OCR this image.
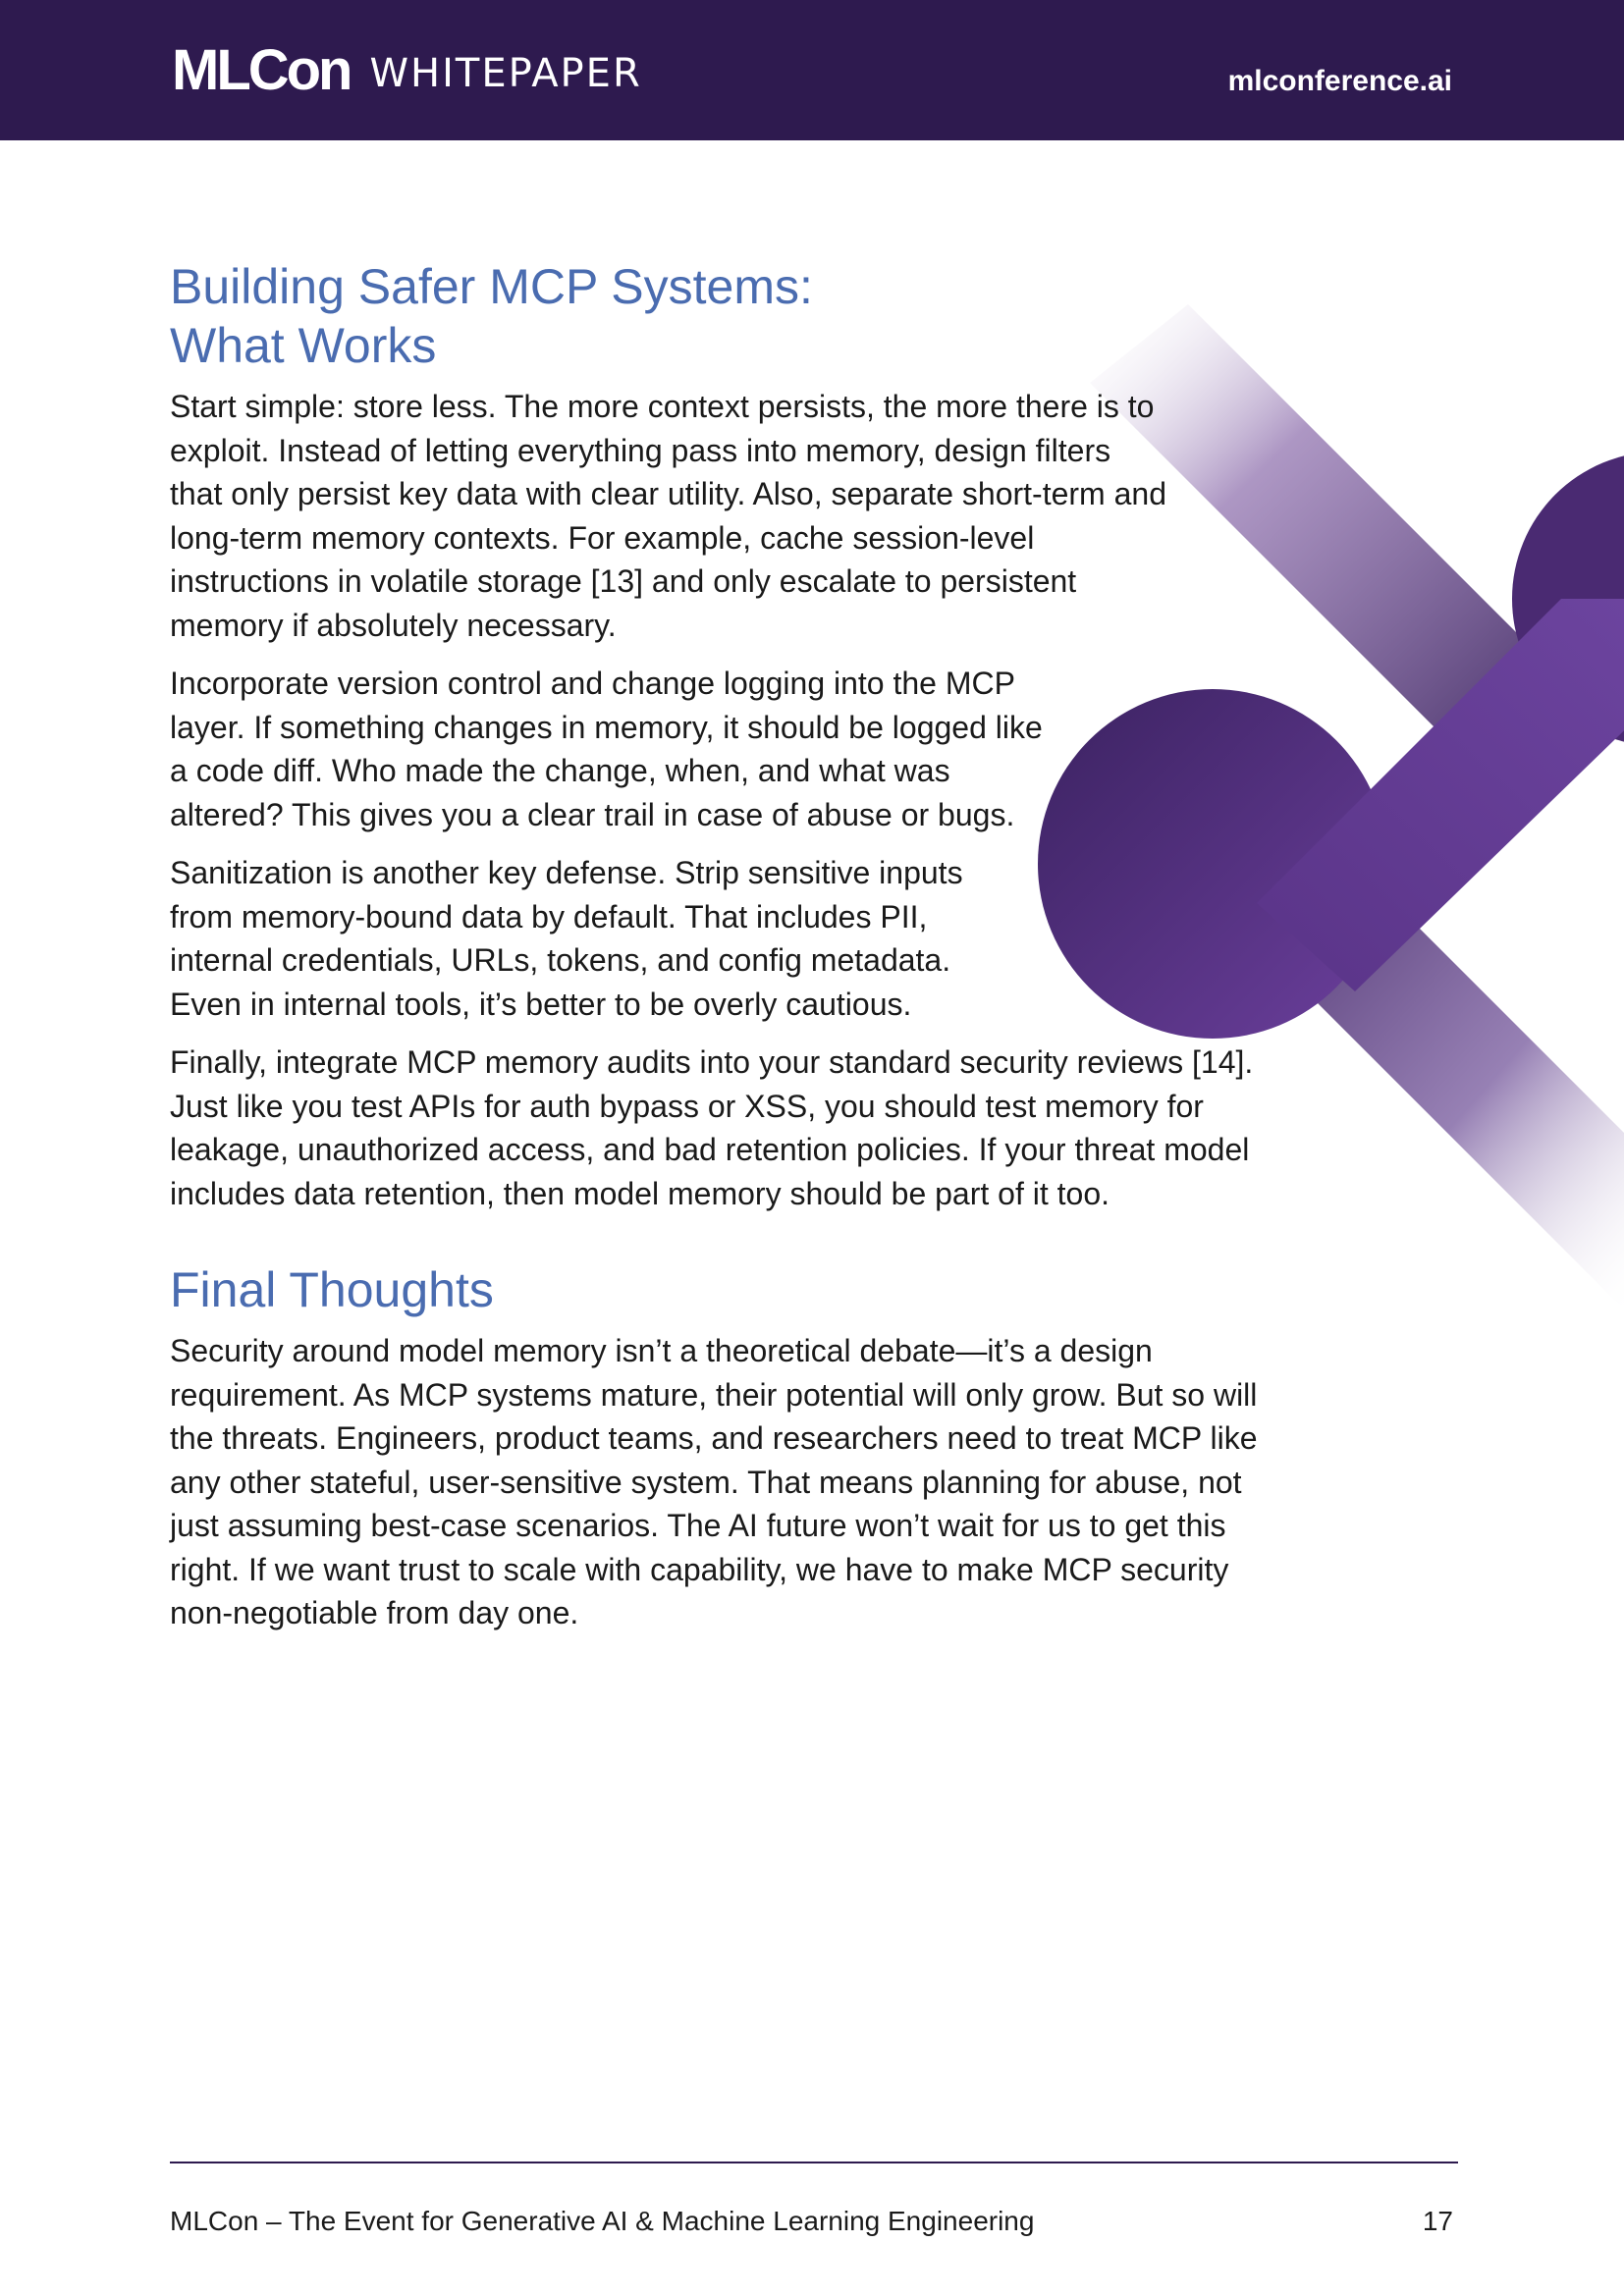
MLCon WHITEPAPER	mlconference.ai
Building Safer MCP Systems:
What Works

Start simple: store less. The more context persists, the more there is to exploit. Instead of letting everything pass into memory, design filters that only persist key data with clear utility. Also, separate short-term and long-term memory contexts. For example, cache session-level instructions in volatile storage [13] and only escalate to persistent memory if absolutely necessary.

Incorporate version control and change logging into the MCP layer. If something changes in memory, it should be logged like a code diff. Who made the change, when, and what was altered? This gives you a clear trail in case of abuse or bugs.

Sanitization is another key defense. Strip sensitive inputs from memory-bound data by default. That includes PII, internal credentials, URLs, tokens, and config metadata. Even in internal tools, it’s better to be overly cautious.

Finally, integrate MCP memory audits into your standard security reviews [14]. Just like you test APIs for auth bypass or XSS, you should test memory for leakage, unauthorized access, and bad retention policies. If your threat model includes data retention, then model memory should be part of it too.

Final Thoughts

Security around model memory isn’t a theoretical debate—it’s a design requirement. As MCP systems mature, their potential will only grow. But so will the threats. Engineers, product teams, and researchers need to treat MCP like any other stateful, user-sensitive system. That means planning for abuse, not just assuming best-case scenarios. The AI future won’t wait for us to get this right. If we want trust to scale with capability, we have to make MCP security non-negotiable from day one.

MLCon – The Event for Generative AI & Machine Learning Engineering	17
